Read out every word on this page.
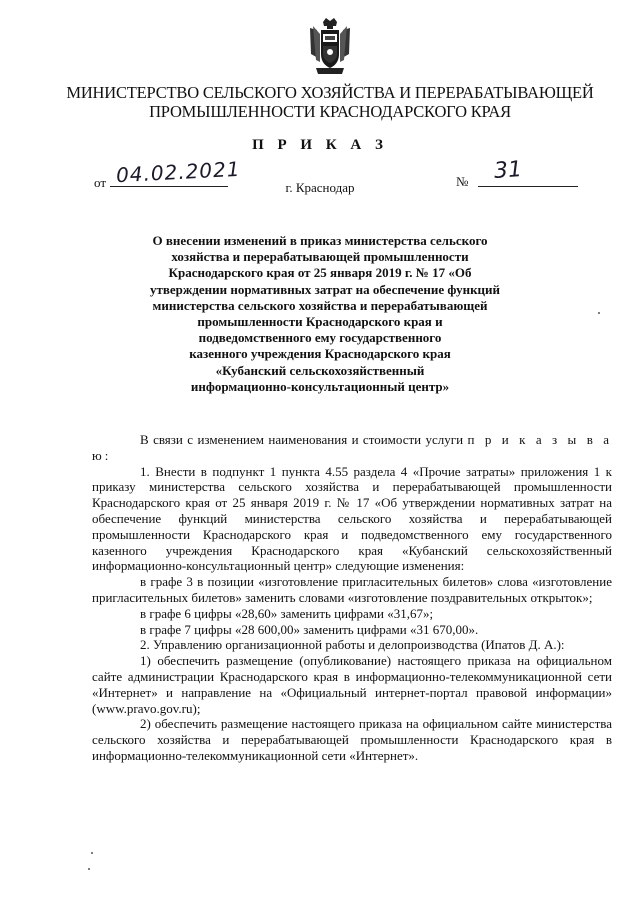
МИНИСТЕРСТВО СЕЛЬСКОГО ХОЗЯЙСТВА И ПЕРЕРАБАТЫВАЮЩЕЙ
ПРОМЫШЛЕННОСТИ КРАСНОДАРСКОГО КРАЯ
П Р И К А З
от 04.02.2021	№ 31
г. Краснодар
О внесении изменений в приказ министерства сельского
хозяйства и перерабатывающей промышленности
Краснодарского края от 25 января 2019 г. № 17 «Об
утверждении нормативных затрат на обеспечение функций
министерства сельского хозяйства и перерабатывающей
промышленности Краснодарского края и
подведомственного ему государственного
казенного учреждения Краснодарского края
«Кубанский сельскохозяйственный
информационно-консультационный центр»

В связи с изменением наименования и стоимости услуги п р и к а з ы в а ю:

1. Внести в подпункт 1 пункта 4.55 раздела 4 «Прочие затраты» приложения 1 к приказу министерства сельского хозяйства и перерабатывающей промышленности Краснодарского края от 25 января 2019 г. № 17 «Об утверждении нормативных затрат на обеспечение функций министерства сельского хозяйства и перерабатывающей промышленности Краснодарского края и подведомственного ему государственного казенного учреждения Краснодарского края «Кубанский сельскохозяйственный информационно-консультационный центр» следующие изменения:

в графе 3 в позиции «изготовление пригласительных билетов» слова «изготовление пригласительных билетов» заменить словами «изготовление поздравительных открыток»;

в графе 6 цифры «28,60» заменить цифрами «31,67»;

в графе 7 цифры «28 600,00» заменить цифрами «31 670,00».

2. Управлению организационной работы и делопроизводства (Ипатов Д. А.):

1) обеспечить размещение (опубликование) настоящего приказа на официальном сайте администрации Краснодарского края в информационно-телекоммуникационной сети «Интернет» и направление на «Официальный интернет-портал правовой информации» (www.pravo.gov.ru);

2) обеспечить размещение настоящего приказа на официальном сайте министерства сельского хозяйства и перерабатывающей промышленности Краснодарского края в информационно-телекоммуникационной сети «Интернет».
